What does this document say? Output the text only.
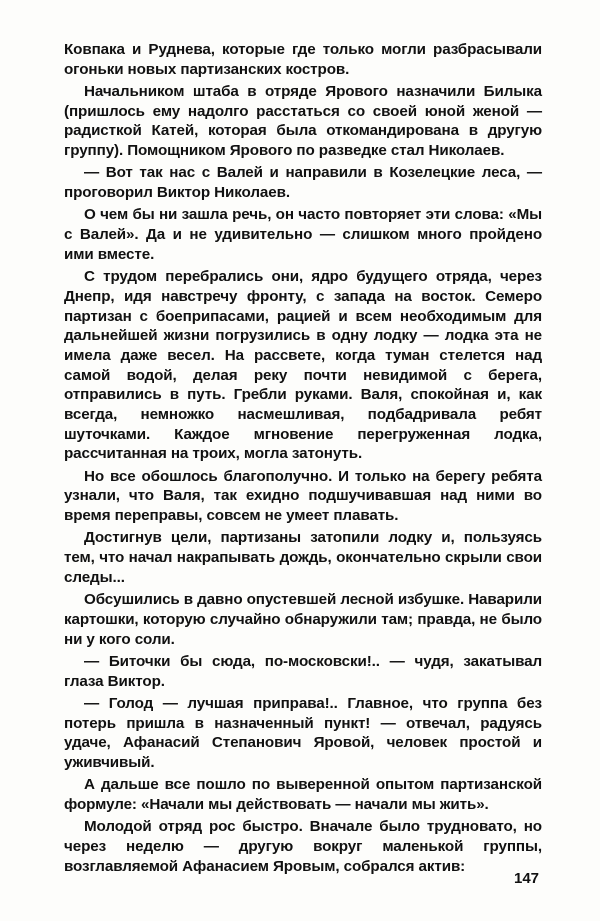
Ковпака и Руднева, которые где только могли разбрасывали огоньки новых партизанских костров.

Начальником штаба в отряде Ярового назначили Билыка (пришлось ему надолго расстаться со своей юной женой — радисткой Катей, которая была откомандирована в другую группу). Помощником Ярового по разведке стал Николаев.

— Вот так нас с Валей и направили в Козелецкие леса, — проговорил Виктор Николаев.

О чем бы ни зашла речь, он часто повторяет эти слова: «Мы с Валей». Да и не удивительно — слишком много пройдено ими вместе.

С трудом перебрались они, ядро будущего отряда, через Днепр, идя навстречу фронту, с запада на восток. Семеро партизан с боеприпасами, рацией и всем необходимым для дальнейшей жизни погрузились в одну лодку — лодка эта не имела даже весел. На рассвете, когда туман стелется над самой водой, делая реку почти невидимой с берега, отправились в путь. Гребли руками. Валя, спокойная и, как всегда, немножко насмешливая, подбадривала ребят шуточками. Каждое мгновение перегруженная лодка, рассчитанная на троих, могла затонуть.

Но все обошлось благополучно. И только на берегу ребята узнали, что Валя, так ехидно подшучивавшая над ними во время переправы, совсем не умеет плавать.

Достигнув цели, партизаны затопили лодку и, пользуясь тем, что начал накрапывать дождь, окончательно скрыли свои следы...

Обсушились в давно опустевшей лесной избушке. Наварили картошки, которую случайно обнаружили там; правда, не было ни у кого соли.

— Биточки бы сюда, по-московски!.. — чудя, закатывал глаза Виктор.

— Голод — лучшая приправа!.. Главное, что группа без потерь пришла в назначенный пункт! — отвечал, радуясь удаче, Афанасий Степанович Яровой, человек простой и уживчивый.

А дальше все пошло по выверенной опытом партизанской формуле: «Начали мы действовать — начали мы жить».

Молодой отряд рос быстро. Вначале было трудновато, но через неделю — другую вокруг маленькой группы, возглавляемой Афанасием Яровым, собрался актив:

147
